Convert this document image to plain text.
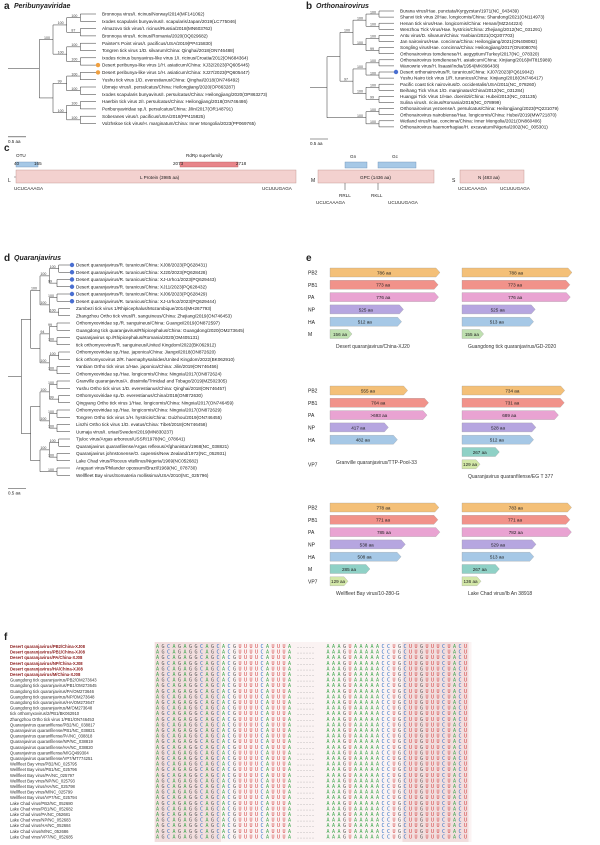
a Peribunyaviridae	b Orthonairovirus
c
d Quaranjavirus	e
f
100
87
100
100
100
100
100
100
100
100
99
100
100
Bronnoya virus/I. ricinus/Norway/2014(MF141062)
Ixodes scapularis bunyavirus/I. scapularis/Japan/2019(LC775046)
Almazovo tick virus/I. ricinus/Russia/2018(MN603762)
Bronnoya virus/I. ricinus/Romania/2020(OQ029682)
Painter's Point virus/I. pacificus/USA/2019(PP415830)
Tongren tick virus 1/D. silvarum/China: Qinghai/2018(ON746488)
Ixodes ricinus bunyavirus-like virus 1/I. ricinus/Croatia/2012(ON684364)
Desert peribunya-like virus 1/H. asiaticum/China: XJ32/2023(PQ605445)
Desert peribunya-like virus 1/H. asiaticum/China: XJ27/2023(PQ605447)
Yushu tick virus 1/D. everestianus/China: Qinghai/2018(ON746492)
Ubmeje virus/I. persulcatus/China: Heilongjiang/2020(OP863287)
Ixodes scapularis bunyavirus/I. persulcatus/China: Heilongjiang/2020(OP863273)
Haerbin tick virus 2/I. persulcatus/China: Heilongjiang/2018(ON746486)
Peribunyaviridae sp./I. persulcatus/China: Jilin/2017(OR148791)
Soberanes virus/I. pacificus/USA/2018(PP415825)
Volzhskoe tick virus/H. marginatum/China: Inner Mongolia/2023(PP069765)
0.5 aa
100
100
100
99
100
100
100
99
100
100
100
100
100
100
100
100
97
Burana virus/Hae. punctata/Kyrgyzstan/1971(NC_043439)
Shanxi tick virus 2/Hae. longicornis/China: Shandong/2021(ON114973)
Henan tick virus/Hae. longicornis/China: Henan/(MZ244224)
Wenzhou Tick Virus/Hae. hystricis/China: Zhejiang/2012(NC_031291)
Antu virus/D. silvarum/China: Yanbian/2021(OQ207703)
Jan nairovirus/Hae. concinna/China: Heilongjiang/2021(ON408082)
Songling virus/Hae. concinna/China: Heilongjiang/2017(ON408076)
Orthonairovirus tomdienese/H. aegyptium/Turkey/2017(NC_078320)
Orthonairovirus tomdienese/H. asiaticum/China: Xinjiang/2016(MT815989)
Wanowrie virus/H. lisaasi/India/1954(MK896438)
Desert orthonairovirus/R. turanicus/China: XJ07/2023(PQ619042)
Yushu Nairo tick virus 1/R. turanicus/China: Xinjiang/2018(ON746417)
Pacific coast tick nairovirus/D. occidentalis/USA/2011(NC_078260)
Beihang Tick Virus 1/D. marginatus/China/2012(NC_031284)
Huangpi Tick Virus 1/Hae. doenitzi/China: Hubei/2013(NC_031135)
Sulina virus/I. ricinus/Romania/2016(NC_078999)
Orthonairovirus yezoense/I. persulcatus/China: Heilongjiang/2023(PQ231079)
Orthonairovirus nairobiense/Hae. longicornis/China: Hubei/2019(MW721870)
Wetland virus/Hae. concinna/China: Inner Mongolia/2021(ON860406)
Orthonairovirus haemorrhagiae/H. excavatum/Nigeria/2002(NC_005301)
0.5 aa
L
OTU
40	165
RdRp superfamily
2073	2718
L Protein (3985 aa)
UCUCAAAGA	UCUUUGAGA
M
Gn	Gc
GPC (1436 aa)
RRLL	RKLL
UCUCAAAGA	UCUUUGAGA
S
N (483 aa)
UCUCAAAGA	UCUUUGAGA
100
99
100
100
99
100
100
100
100
99
100
100
100
100
100
100
100
94
100
100
100
100
100
Desert quaranjavirus/R. turanicus/China: XJ08/2023(PQ628431)
Desert quaranjavirus/R. turanicus/China: XJ20/2023(PQ628428)
Desert quaranjavirus/R. turanicus/China: XJ-Urho1/2023(PQ629443)
Desert quaranjavirus/R. turanicus/China: XJ11/2023(PQ628432)
Desert quaranjavirus/R. turanicus/China: XJ06/2023(PQ628429)
Desert quaranjavirus/R. turanicus/China: XJ-Urho2/2023(PQ629444)
Zambezi tick virus 1/Rhipicephalus/Mozambique/2014(MH267793)
Zhangzhou Ortho tick virus/R. sanguineus/China: Zhejiang/2019(ON746453)
Orthomyxoviridae sp./R. sanguineus/China: Guangxi/2019(ON872597)
Guangdong tick quaranjavirus/Rhipicephalus/China: Guangdong/2020(OM273645)
Quaranjavirus sp./Rhipicephalus/Romania/2020(OM405131)
tick orthomyxovirus/R. sanguineus/United Kingdom/2022(BK062912)
Orthomyxoviridae sp./Hae. japonica/China: Jiangxi/2018(ON872620)
tick orthomyxovirus 2/R. haemaphysaloides/United Kingdom/2022(BK062910)
Yanbian Ortho tick virus 1/Hae. japonica/China: Jilin/2019(ON746456)
Orthomyxoviridae sp./Hae. longicornis/China: Ningxia/2017(ON872624)
Granville quaranjavirus/A. dissimile/Trinidad and Tobago/2019(MZ502305)
Yushu Ortho tick virus 1/D. everestianus/China: Qinghai/2018(ON746457)
Orthomyxoviridae sp./D. everestianus/China/2018(ON872630)
Qingyang Ortho tick virus 1/Hae. longicornis/China: Ningxia/2017(ON746459)
Orthomyxoviridae sp./Hae. longicornis/China: Ningxia/2017(ON872629)
Tongren Ortho tick virus 1/H. hystricis/China: Guizhou/2019(ON746455)
Linzhi Ortho tick virus 1/D. evatus/China: Tibet/2018(ON746458)
Uumaja virus/I. uriae/Sweden/2019(MN830237)
Tjuloc virus/Argas arboreus/USSR/1978(NC_078641)
Quaranjavirus quaranfilense/Argas reflexus/Afghanistan/1968(NC_038821)
Quaranjavirus johnstonense/O. capensis/New Zealand/1972(NC_052931)
Lake Chad virus/Ploceus vitellinus/Nigeria/1969(NC052682)
Araguari virus/Philander opossum/Brazil/1969(NC_078730)
Wellfleet Bay virus/Somateria mollissima/USA/2010(NC_025796)
0.5 aa
786 aa
PB2
773 aa
PB1
776 aa
PA
525 aa
NP
512 aa
HA
156 aa
M
Desert quaranjavirus/China-XJ20
788 aa
773 aa
776 aa
525 aa
513 aa
155 aa
Guangdong tick quaranjavirus/GD-2020
555 aa
PB2
704 aa
PB1
>693 aa
PA
417 aa
NP
482 aa
HA
Granville quaranjavirus/TTP-Pool-33
734 aa
731 aa
689 aa
528 aa
512 aa
267 aa
129 aa
VP7
Quaranjavirus quaranfilense/EG T 377
778 aa
PB2
771 aa
PB1
785 aa
PA
538 aa
NP
508 aa
HA
285 aa
M
129 aa
VP7
Wellfleet Bay virus/10-280-G
783 aa
771 aa
782 aa
529 aa
513 aa
267 aa
136 aa
Lake Chad virus/Ib An 38918
Desert quaranjavirus/PB2/China-XJ08	A G C A G A G G C A G C A C G U U U U C A U U U A ...... A A A G U A A A A A C C U G C U U G U U U C U A C U
Desert quaranjavirus/PB1/China-XJ08	A G C A G A G G C A G C A C G U U U U C A U U U A ...... A A A G U A A A A A C C U G C U U G U U U C U A C U
Desert quaranjavirus/PA/China-XJ08	A G C A G A G G C A G C A C G U U U U C A U U U A ...... A A A G U A A A A A C C U G C U U G U U U C U A C U
Desert quaranjavirus/NP/China-XJ08	A G C A G A G G C A G C A C G U U U U C A U U U A ...... A A A G U A A A A A C C U G C U U G U U U C U A C U
Desert quaranjavirus/HA/China-XJ08	A G C A G A G G C A G C A C G U U U U C A U U U A ...... A A A G U A A A A A C C U G C U U G U U U C U A C U
Desert quaranjavirus/M/China-XJ08	A G C A G A G G C A G C A C G U U U U C A U U U A ...... A A A G U A A A A A C C U G C U U G U U U C U A C U
Guangdong tick quaranjavirus/PB2/OM273643	A G C A G A G G C A G C A C G U U U U C A U U U A ...... A A A G U A A A A A C C U G C U U G U U U C U A C U
Guangdong tick quaranjavirus/PB1/OM273645	A G C A G A G G C A G C A C G U U U U C A U U U A ...... A A A G U A A A A A C C U G C U U G U U U C U A C U
Guangdong tick quaranjavirus/PA/OM273646	A G C A G A G G C A G C A C G U U U U C A U U U A ...... A A A G U A A A A A C C U G C U U G U U U C U A C U
Guangdong tick quaranjavirus/NP/OM273648	A G C A G A G G C A G C A C G U U U U C A U U U A ...... A A A G U A A A A A C C U G C U U G U U U C U A C U
Guangdong tick quaranjavirus/HA/OM273647	A G C A G A G G C A G C A C G U U U U C A U U U A ...... A A A G U A A A A A C C U G C U U G U U U C U A C U
Guangdong tick quaranjavirus/M/OM273648	A G C A G A G G C A G C A C G U U U U C A U U U A ...... A A A G U A A A A A C C U G C U U G U U U C U A C U
tick orthomyxovirus/2/PB1/BK062910	A G C A G A G G C A G C A C G U U U U C A U U U A ...... A A A G U A A A A A C C U G C U U G U U U C U A C U
Zhangzhou Ortho tick virus 1/PB1/ON746453	A G C A G A G G C A G C A C G U U U U C A U U U A ...... A A A G U A A A A A C C U G C U U G U U U C U A C U
Quaranjavirus quaranfilense/PB2/NC_038817	A G C A G A G G C A G C A C G U U U U C A U U U A ...... A A A G U A A A A A C C U G C U U G U U U C U A C U
Quaranjavirus quaranfilense/PB1/NC_038821	A G C A G A G G C A G C A C G U U U U C A U U U A ...... A A A G U A A A A A C C U G C U U G U U U C U A C U
Quaranjavirus quaranfilense/PA/NC_038818	A G C A G A G G C A G C A C G U U U U C A U U U A ...... A A A G U A A A A A C C U G C U U G U U U C U A C U
Quaranjavirus quaranfilense/NP/NC_038819	A G C A G A G G C A G C A C G U U U U C A U U U A ...... A A A G U A A A A A C C U G C U U G U U U C U A C U
Quaranjavirus quaranfilense/HA/NC_038820	A G C A G A G G C A G C A C G U U U U C A U U U A ...... A A A G U A A A A A C C U G C U U G U U U C U A C U
Quaranjavirus quaranfilense/M/GQ499304	A G C A G A G G C A G C A C G U U U U C A U U U A ...... A A A G U A A A A A C C U G C U U G U U U C U A C U
Quaranjavirus quaranfilense/VP7/MT774251	A G C A G A G G C A G C A C G U U U U C A U U U A ...... A A A G U A A A A A C C U G C U U G U U U C U A C U
Wellfleet Bay virus/PB2/NC_025795	A G C A G A G G C A G C A C G U U U U C A U U U A ...... A A A G U A A A A A C C U G C U U G U U U C U A C U
Wellfleet Bay virus/PB1/NC_025796	A G C A G A G G C A G C A C G U U U U C A U U U A ...... A A A G U A A A A A C C U G C U U G U U U C U A C U
Wellfleet Bay virus/PA/NC_025797	A G C A G A G G C A G C A C G U U U U C A U U U A ...... A A A G U A A A A A C C U G C U U G U U U C U A C U
Wellfleet Bay virus/NP/NC_025793	A G C A G A G G C A G C A C G U U U U C A U U U A ...... A A A G U A A A A A C C U G C U U G U U U C U A C U
Wellfleet Bay virus/HA/NC_025798	A G C A G A G G C A G C A C G U U U U C A U U U A ...... A A A G U A A A A A C C U G C U U G U U U C U A C U
Wellfleet Bay virus/M/NC_025799	A G C A G A G G C A G C A C G U U U U C A U U U A ...... A A A G U A A A A A C C U G C U U G U U U C U A C U
Wellfleet Bay virus/VP7/NC_025794	A G C A G A G G C A G C A C G U U U U C A U U U A ...... A A A G U A A A A A C C U G C U U G U U U C U A C U
Lake Chad virus/PB2/NC_052680	A G C A G A G G C A G C A C G U U U U C A U U U A ...... A A A G U A A A A A C C U G C U U G U U U C U A C U
Lake Chad virus/PB1/NC_052682	A G C A G A G G C A G C A C G U U U U C A U U U A ...... A A A G U A A A A A C C U G C U U G U U U C U A C U
Lake Chad virus/PA/NC_052681	A G C A G A G G C A G C A C G U U U U C A U U U A ...... A A A G U A A A A A C C U G C U U G U U U C U A C U
Lake Chad virus/NP/NC_052683	A G C A G A G G C A G C A C G U U U U C A U U U A ...... A A A G U A A A A A C C U G C U U G U U U C U A C U
Lake Chad virus/HA/NC_052684	A G C A G A G G C A G C A C G U U U U C A U U U A ...... A A A G U A A A A A C C U G C U U G U U U C U A C U
Lake Chad virus/M/NC_052686	A G C A G A G G C A G C A C G U U U U C A U U U A ...... A A A G U A A A A A C C U G C U U G U U U C U A C U
Lake Chad virus/VP7/NC_052685	A G C A G A G G C A G C A C G U U U U C A U U U A ...... A A A G U A A A A A C C U G C U U G U U U C U A C U
